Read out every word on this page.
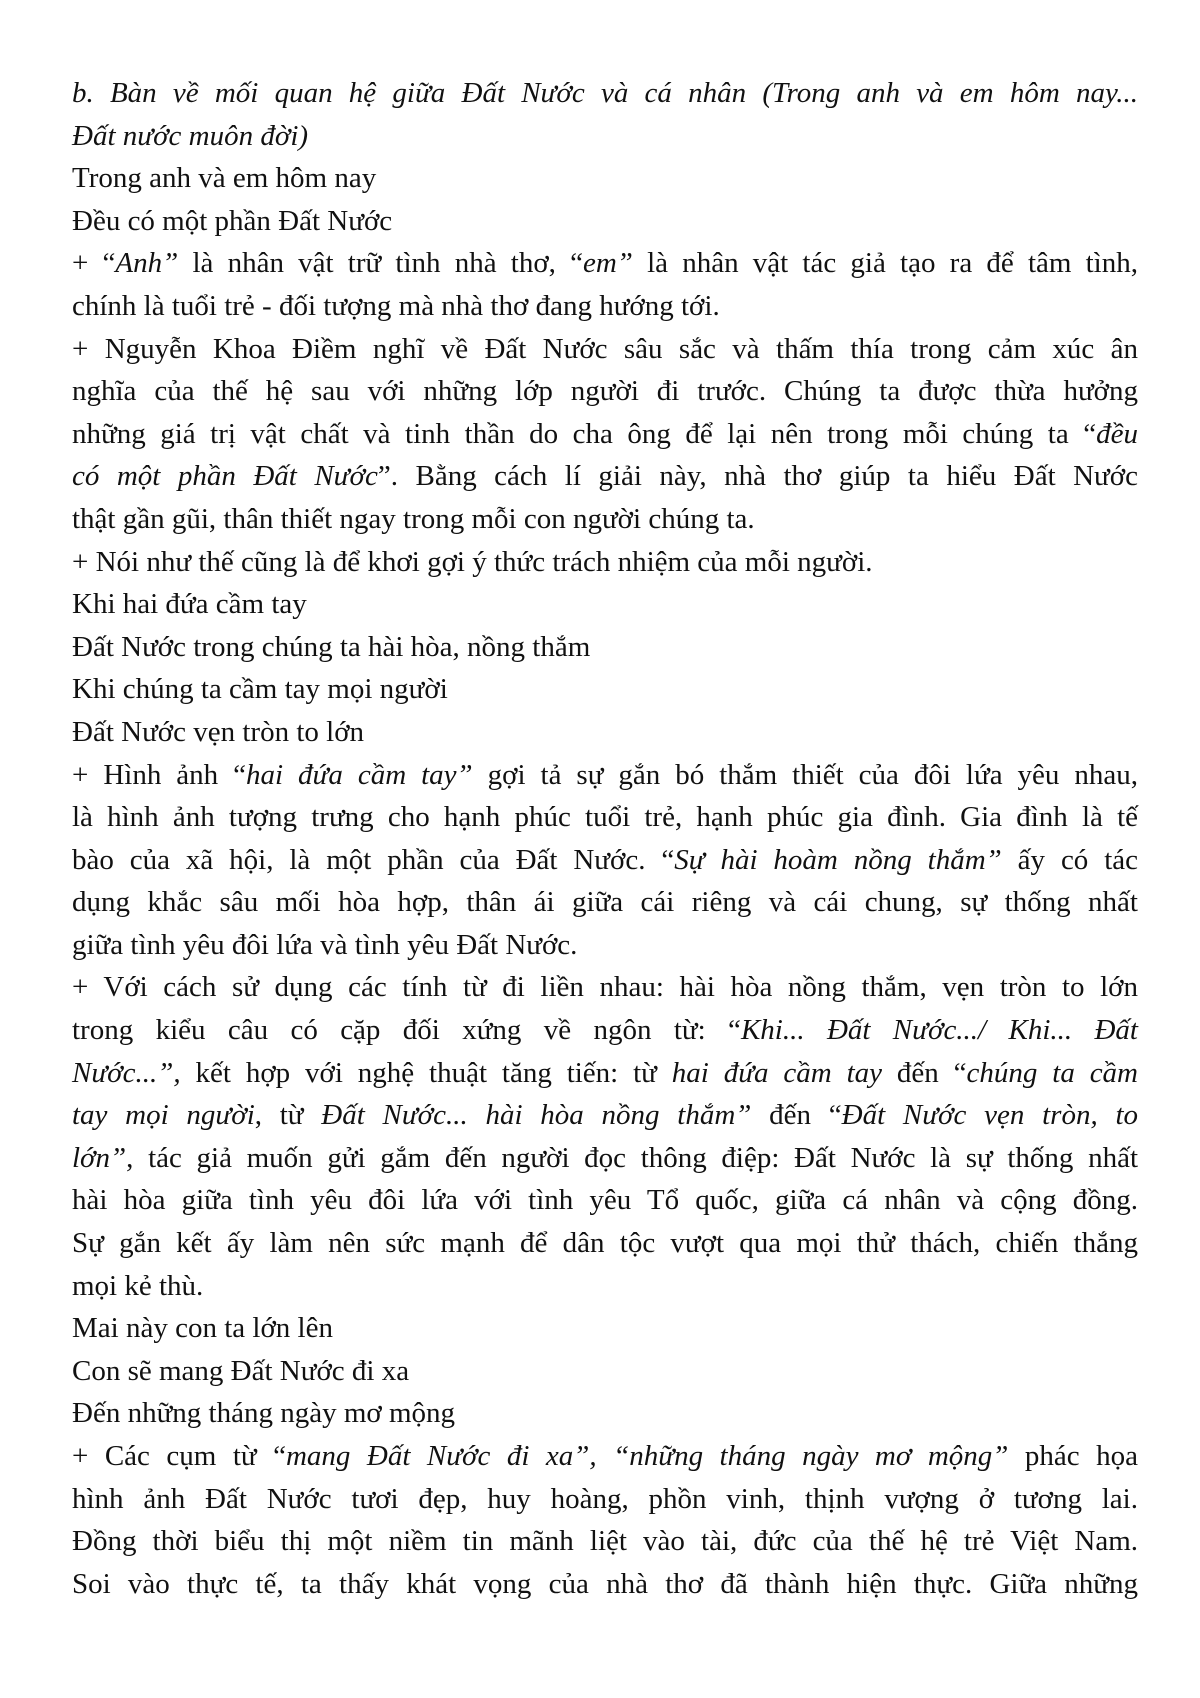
b. Bàn về mối quan hệ giữa Đất Nước và cá nhân (Trong anh và em hôm nay...
Đất nước muôn đời)
Trong anh và em hôm nay
Đều có một phần Đất Nước
+ “Anh” là nhân vật trữ tình nhà thơ, “em” là nhân vật tác giả tạo ra để tâm tình,
chính là tuổi trẻ - đối tượng mà nhà thơ đang hướng tới.
+ Nguyễn Khoa Điềm nghĩ về Đất Nước sâu sắc và thấm thía trong cảm xúc ân
nghĩa của thế hệ sau với những lớp người đi trước. Chúng ta được thừa hưởng
những giá trị vật chất và tinh thần do cha ông để lại nên trong mỗi chúng ta “đều
có một phần Đất Nước”. Bằng cách lí giải này, nhà thơ giúp ta hiểu Đất Nước
thật gần gũi, thân thiết ngay trong mỗi con người chúng ta.
+ Nói như thế cũng là để khơi gợi ý thức trách nhiệm của mỗi người.
Khi hai đứa cầm tay
Đất Nước trong chúng ta hài hòa, nồng thắm
Khi chúng ta cầm tay mọi người
Đất Nước vẹn tròn to lớn
+ Hình ảnh “hai đứa cầm tay” gợi tả sự gắn bó thắm thiết của đôi lứa yêu nhau,
là hình ảnh tượng trưng cho hạnh phúc tuổi trẻ, hạnh phúc gia đình. Gia đình là tế
bào của xã hội, là một phần của Đất Nước. “Sự hài hoàm nồng thắm” ấy có tác
dụng khắc sâu mối hòa hợp, thân ái giữa cái riêng và cái chung, sự thống nhất
giữa tình yêu đôi lứa và tình yêu Đất Nước.
+ Với cách sử dụng các tính từ đi liền nhau: hài hòa nồng thắm, vẹn tròn to lớn
trong kiểu câu có cặp đối xứng về ngôn từ: “Khi... Đất Nước.../ Khi... Đất
Nước...”, kết hợp với nghệ thuật tăng tiến: từ hai đứa cầm tay đến “chúng ta cầm
tay mọi người, từ Đất Nước... hài hòa nồng thắm” đến “Đất Nước vẹn tròn, to
lớn”, tác giả muốn gửi gắm đến người đọc thông điệp: Đất Nước là sự thống nhất
hài hòa giữa tình yêu đôi lứa với tình yêu Tổ quốc, giữa cá nhân và cộng đồng.
Sự gắn kết ấy làm nên sức mạnh để dân tộc vượt qua mọi thử thách, chiến thắng
mọi kẻ thù.
Mai này con ta lớn lên
Con sẽ mang Đất Nước đi xa
Đến những tháng ngày mơ mộng
+ Các cụm từ “mang Đất Nước đi xa”, “những tháng ngày mơ mộng” phác họa
hình ảnh Đất Nước tươi đẹp, huy hoàng, phồn vinh, thịnh vượng ở tương lai.
Đồng thời biểu thị một niềm tin mãnh liệt vào tài, đức của thế hệ trẻ Việt Nam.
Soi vào thực tế, ta thấy khát vọng của nhà thơ đã thành hiện thực. Giữa những
